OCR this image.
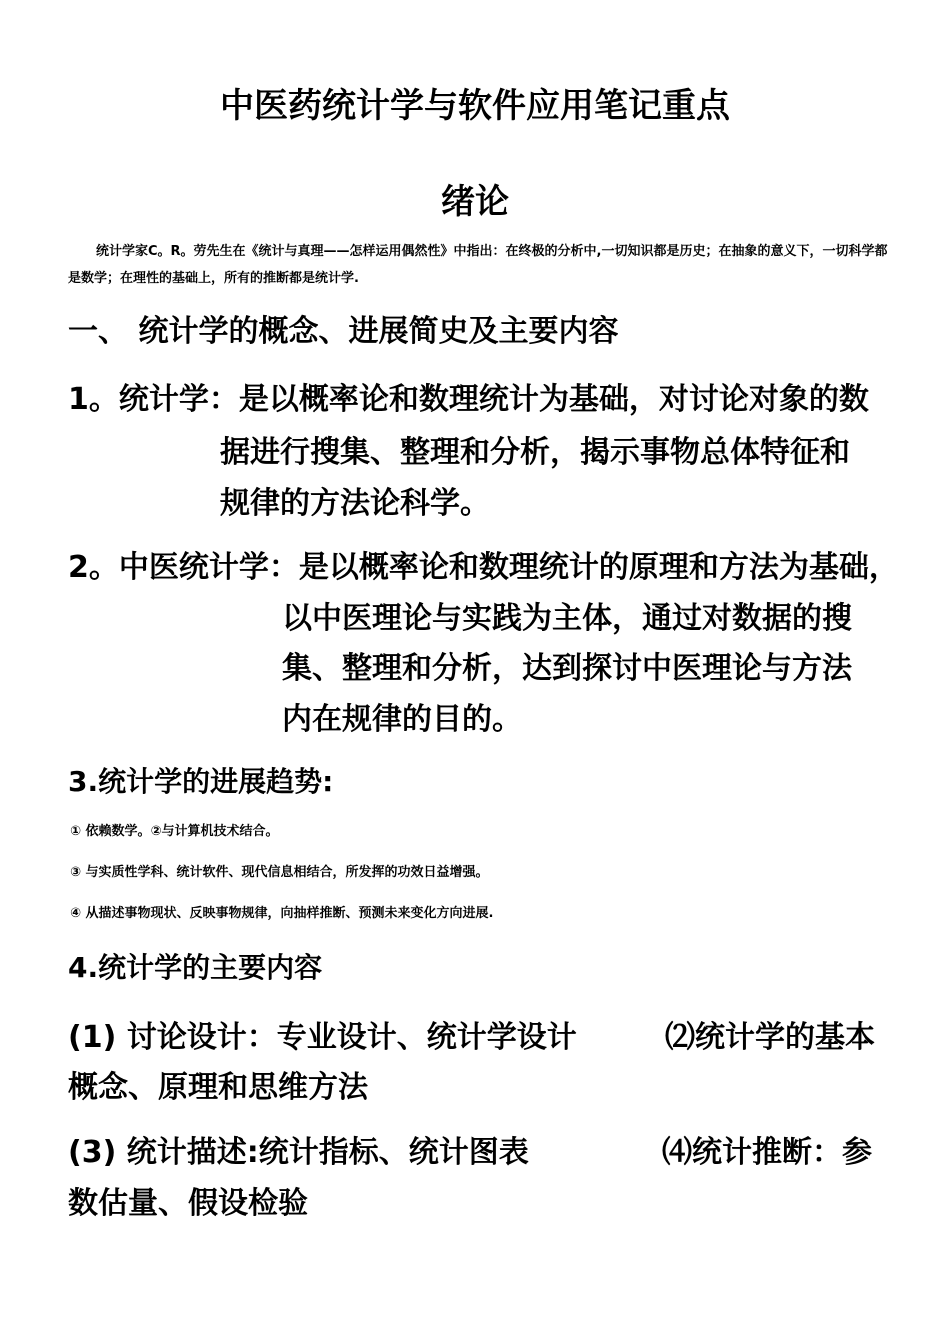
中医药统计学与软件应用笔记重点
绪论
统计学家C。R。劳先生在《统计与真理——怎样运用偶然性》中指出：在终极的分析中,一切知识都是历史；在抽象的意义下，一切科学都是数学；在理性的基础上，所有的推断都是统计学.
一、 统计学的概念、进展简史及主要内容
1。统计学：是以概率论和数理统计为基础，对讨论对象的数
据进行搜集、整理和分析，揭示事物总体特征和
规律的方法论科学。
2。中医统计学：是以概率论和数理统计的原理和方法为基础，
以中医理论与实践为主体，通过对数据的搜
集、整理和分析，达到探讨中医理论与方法
内在规律的目的。
3.统计学的进展趋势:
① 依赖数学。②与计算机技术结合。
③ 与实质性学科、统计软件、现代信息相结合，所发挥的功效日益增强。
④ 从描述事物现状、反映事物规律，向抽样推断、预测未来变化方向进展.
4.统计学的主要内容
(1) 讨论设计：专业设计、统计学设计	⑵统计学的基本
概念、原理和思维方法
(3) 统计描述:统计指标、统计图表	⑷统计推断：参
数估量、假设检验
